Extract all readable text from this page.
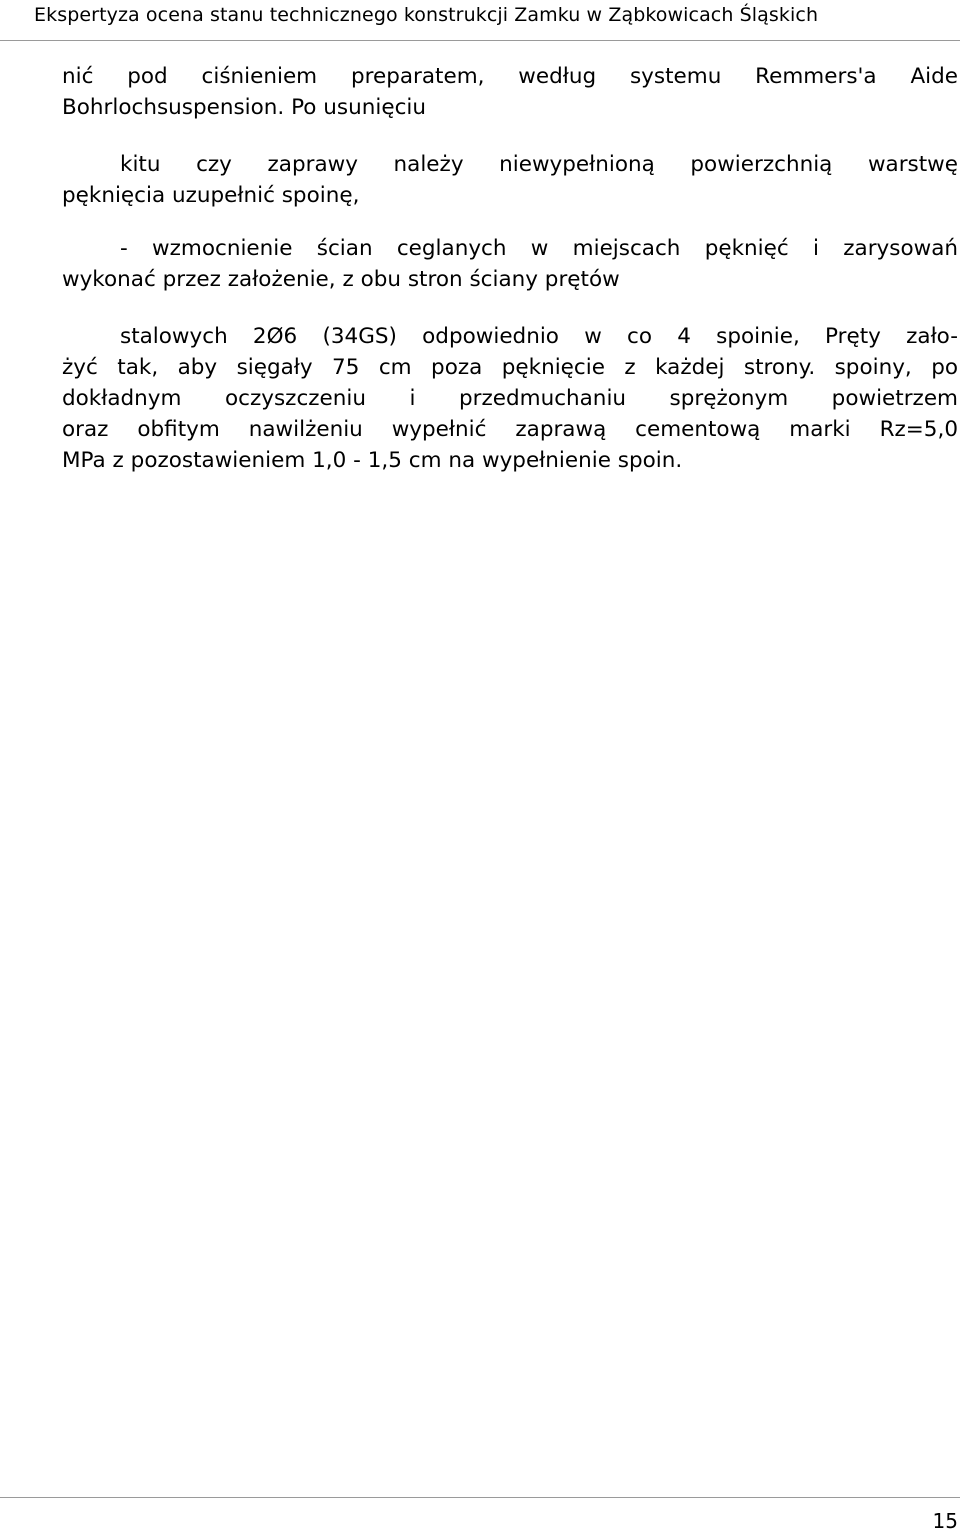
Ekspertyza ocena stanu technicznego konstrukcji Zamku w Ząbkowicach Śląskich
nić pod ciśnieniem preparatem, według systemu Remmers'a Aide
Bohrlochsuspension. Po usunięciu
kitu czy zaprawy należy niewypełnioną powierzchnią warstwę
pęknięcia uzupełnić spoinę,
- wzmocnienie ścian ceglanych w miejscach pęknięć i zarysowań
wykonać przez założenie, z obu stron ściany prętów
stalowych 2Ø6 (34GS) odpowiednio w co 4 spoinie, Pręty zało-
żyć tak, aby sięgały 75 cm poza pęknięcie z każdej strony. spoiny, po
dokładnym oczyszczeniu i przedmuchaniu sprężonym powietrzem
oraz obfitym nawilżeniu wypełnić zaprawą cementową marki Rz=5,0
MPa z pozostawieniem 1,0 - 1,5 cm na wypełnienie spoin.
15
